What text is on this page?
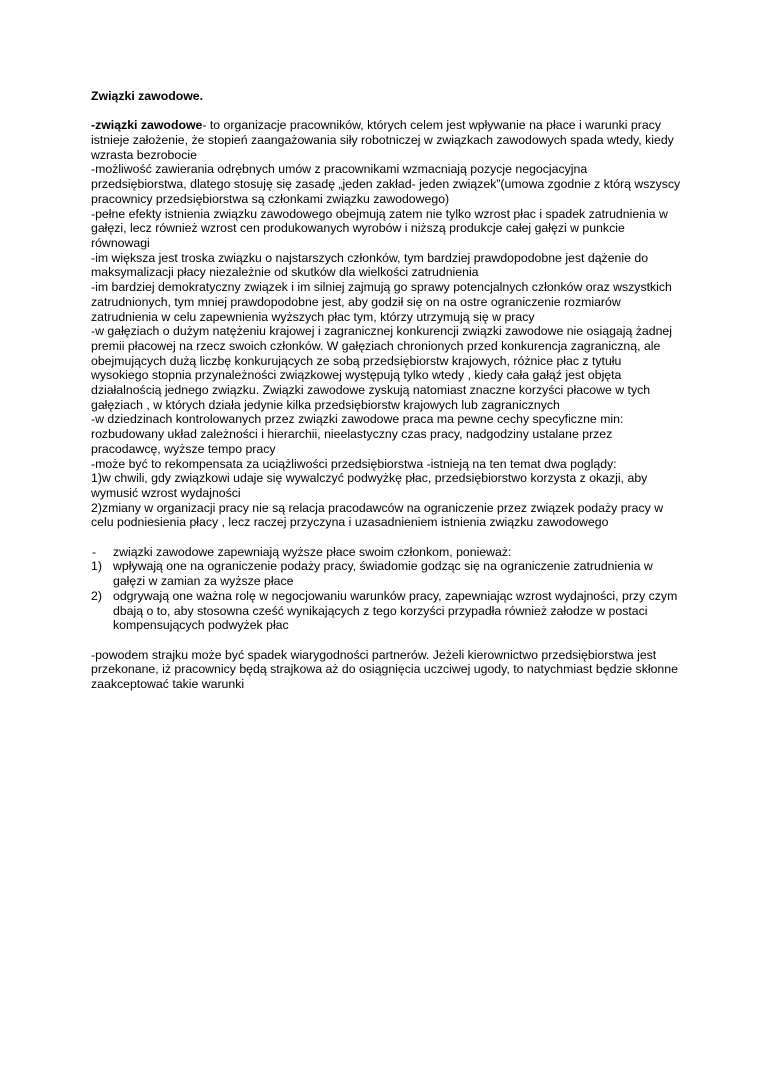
Związki zawodowe.

-związki zawodowe- to organizacje pracowników, których celem jest wpływanie na płace i warunki pracy

istnieje założenie, że stopień zaangażowania siły robotniczej w związkach zawodowych spada wtedy, kiedy wzrasta bezrobocie

-możliwość zawierania odrębnych umów z pracownikami wzmacniają pozycje negocjacyjna przedsiębiorstwa, dlatego stosuję się zasadę „jeden zakład- jeden związek”(umowa zgodnie z którą wszyscy pracownicy przedsiębiorstwa są członkami związku zawodowego)

-pełne efekty istnienia związku zawodowego obejmują zatem nie tylko wzrost płac i spadek zatrudnienia w gałęzi, lecz również wzrost cen produkowanych wyrobów i niższą produkcje całej gałęzi w punkcie równowagi

-im większa jest troska związku o najstarszych członków, tym bardziej prawdopodobne jest dążenie do maksymalizacji płacy niezależnie od skutków dla wielkości zatrudnienia

-im bardziej demokratyczny związek i im silniej zajmują go sprawy potencjalnych członków oraz wszystkich zatrudnionych, tym mniej prawdopodobne jest, aby godził się on na ostre ograniczenie rozmiarów zatrudnienia w celu zapewnienia wyższych płac tym, którzy utrzymują się w pracy

-w gałęziach o dużym natężeniu krajowej i zagranicznej konkurencji związki zawodowe nie osiągają żadnej premii płacowej na rzecz swoich członków. W gałęziach chronionych przed konkurencja zagraniczną, ale obejmujących dużą liczbę konkurujących ze sobą przedsiębiorstw krajowych, różnice płac z tytułu wysokiego stopnia przynależności związkowej występują tylko wtedy , kiedy cała gałąź jest objęta działalnością jednego związku. Związki zawodowe zyskują natomiast znaczne korzyści płacowe w tych gałęziach , w których działa jedynie kilka przedsiębiorstw krajowych lub zagranicznych

-w dziedzinach kontrolowanych przez związki zawodowe praca ma pewne cechy specyficzne min: rozbudowany układ zależności i hierarchii, nieelastyczny czas pracy, nadgodziny ustalane przez pracodawcę, wyższe tempo pracy

-może być to rekompensata za uciążliwości przedsiębiorstwa -istnieją na ten temat dwa poglądy:

1)w chwili, gdy związkowi udaje się wywalczyć podwyżkę płac, przedsiębiorstwo korzysta z okazji, aby wymusić wzrost wydajności

2)zmiany w organizacji pracy nie są relacja pracodawców na ograniczenie przez związek podaży pracy w celu podniesienia płacy , lecz raczej przyczyna i uzasadnieniem istnienia związku zawodowego

-	związki zawodowe zapewniają wyższe płace swoim członkom, ponieważ:
1) wpływają one na ograniczenie podaży pracy, świadomie godząc się na ograniczenie zatrudnienia w gałęzi w zamian za wyższe płace
2) odgrywają one ważna rolę w negocjowaniu warunków pracy, zapewniając wzrost wydajności, przy czym dbają o to, aby stosowna cześć wynikających z tego korzyści przypadła również załodze w postaci kompensujących podwyżek płac

-powodem strajku może być spadek wiarygodności partnerów. Jeżeli kierownictwo przedsiębiorstwa jest przekonane, iż pracownicy będą strajkowa aż do osiągnięcia uczciwej ugody, to natychmiast będzie skłonne zaakceptować takie warunki
